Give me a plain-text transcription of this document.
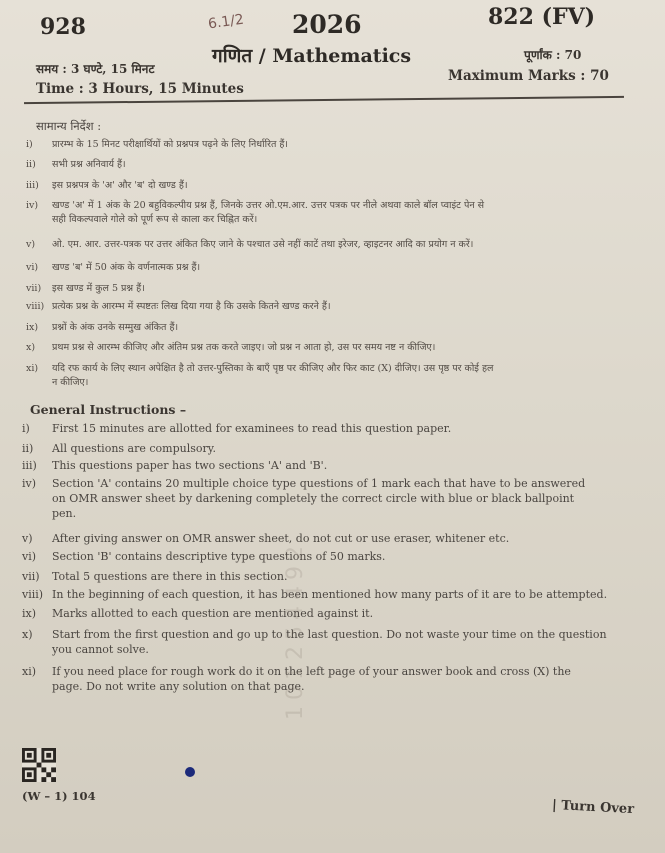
928	6.1/2 2026	822 (FV)
गणित / Mathematics
समय : 3 घण्टे, 15 मिनट
पूर्णांक : 70
Time : 3 Hours, 15 Minutes
Maximum Marks : 70
सामान्य निर्देश :
i) प्रारम्भ के 15 मिनट परीक्षार्थियों को प्रश्नपत्र पढ़ने के लिए निर्धारित हैं।
ii) सभी प्रश्न अनिवार्य हैं।
iii) इस प्रश्नपत्र के 'अ' और 'ब' दो खण्ड हैं।
iv) खण्ड 'अ' में 1 अंक के 20 बहुविकल्पीय प्रश्न हैं, जिनके उत्तर ओ.एम.आर. उत्तर पत्रक पर नीले अथवा काले बॉल प्वाइंट पेन से
सही विकल्पवाले गोले को पूर्ण रूप से काला कर चिह्नित करें।
v) ओ. एम. आर. उत्तर-पत्रक पर उत्तर अंकित किए जाने के पश्चात उसे नहीं काटें तथा इरेजर, व्हाइटनर आदि का प्रयोग न करें।
vi) खण्ड 'ब' में 50 अंक के वर्णनात्मक प्रश्न हैं।
vii) इस खण्ड में कुल 5 प्रश्न हैं।
viii) प्रत्येक प्रश्न के आरम्भ में स्पष्टतः लिख दिया गया है कि उसके कितने खण्ड करने हैं।
ix) प्रश्नों के अंक उनके सम्मुख अंकित हैं।
x) प्रथम प्रश्न से आरम्भ कीजिए और अंतिम प्रश्न तक करते जाइए। जो प्रश्न न आता हो, उस पर समय नष्ट न कीजिए।
xi) यदि रफ कार्य के लिए स्थान अपेक्षित है तो उत्तर-पुस्तिका के बाएँ पृष्ठ पर कीजिए और फिर काट (X) दीजिए। उस पृष्ठ पर कोई हल
न कीजिए।
General Instructions –
i) First 15 minutes are allotted for examinees to read this question paper.
ii) All questions are compulsory.
iii) This questions paper has two sections 'A' and 'B'.
iv) Section 'A' contains 20 multiple choice type questions of 1 mark each that have to be answered
on OMR answer sheet by darkening completely the correct circle with blue or black ballpoint
pen.
v) After giving answer on OMR answer sheet, do not cut or use eraser, whitener etc.
vi) Section 'B' contains descriptive type questions of 50 marks.
vii) Total 5 questions are there in this section.
viii) In the beginning of each question, it has been mentioned how many parts of it are to be attempted.
ix) Marks allotted to each question are mentioned against it.
x) Start from the first question and go up to the last question. Do not waste your time on the question
you cannot solve.
xi) If you need place for rough work do it on the left page of your answer book and cross (X) the
page. Do not write any solution on that page.
101254492
(W – 1) 104
| Turn Over
